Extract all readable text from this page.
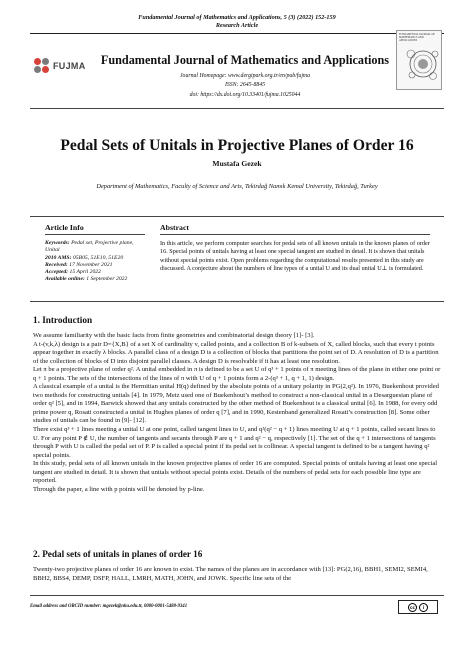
Fundamental Journal of Mathematics and Applications, 5 (3) (2022) 152-159
Research Article
FUJMA Fundamental Journal of Mathematics and Applications
Journal Homepage: www.dergipark.org.tr/en/pub/fujma
ISSN: 2645-8845
doi: https://dx.doi.org/10.33401/fujma.1025044
FUNDAMENTAL JOURNAL OF MATHEMATICS AND APPLICATIONS
Pedal Sets of Unitals in Projective Planes of Order 16
Mustafa Gezek
Department of Mathematics, Faculty of Science and Arts, Tekirdağ Namık Kemal University, Tekirdağ, Turkey
Article Info	Abstract
Keywords: Pedal set, Projective plane, Unital
2010 AMS: 05B05, 51E10, 51E20
Received: 17 November 2021
Accepted: 15 April 2022
Available online: 1 September 2022
In this article, we perform computer searches for pedal sets of all known unitals in the known planes of order 16. Special points of unitals having at least one special tangent are studied in detail. It is shown that unitals without special points exist. Open problems regarding the computational results presented in this study are discussed. A conjecture about the numbers of line types of a unital U and its dual unital U⊥ is formulated.
1. Introduction

We assume familiarity with the basic facts from finite geometries and combinatorial design theory [1]- [3].

A t-(v,k,λ) design is a pair D={X,B} of a set X of cardinality v, called points, and a collection B of k-subsets of X, called blocks, such that every t points appear together in exactly λ blocks. A parallel class of a design D is a collection of blocks that partitions the point set of D. A resolution of D is a partition of the collection of blocks of D into disjoint parallel classes. A design D is resolvable if it has at least one resolution.

Let π be a projective plane of order q². A unital embedded in π is defined to be a set U of q³ + 1 points of π meeting lines of the plane in either one point or q + 1 points. The sets of the intersections of the lines of π with U of q + 1 points form a 2-(q³ + 1, q + 1, 1) design.

A classical example of a unital is the Hermitian unital H(q) defined by the absolute points of a unitary polarity in PG(2,q²). In 1976, Buekenhout provided two methods for constructing unitals [4]. In 1979, Metz used one of Buekenhout’s method to construct a non-classical unital in a Desarguesian plane of order q² [5], and in 1994, Barwick showed that any unitals constructed by the other method of Buekenhout is a classical unital [6]. In 1988, for every odd prime power q, Rosati constructed a unital in Hughes planes of order q [7], and in 1990, Kestenband generalized Rosati’s construction [8]. Some other studies of unitals can be found in [9]- [12].

There exist q³ + 1 lines meeting a unital U at one point, called tangent lines to U, and q²(q² − q + 1) lines meeting U at q + 1 points, called secant lines to U. For any point P ∉ U, the number of tangents and secants through P are q + 1 and q² − q, respectively [1]. The set of the q + 1 intersections of tangents through P with U is called the pedal set of P. P is called a special point if its pedal set is collinear. A special tangent is defined to be a tangent having q² special points.

In this study, pedal sets of all known unitals in the known projective planes of order 16 are computed. Special points of unitals having at least one special tangent are studied in detail. It is shown that unitals without special points exist. Details of the numbers of pedal sets for each possible line type are reported.

Through the paper, a line with p points will be denoted by p-line.

2. Pedal sets of unitals in planes of order 16
Twenty-two projective planes of order 16 are known to exist. The names of the planes are in accordance with [13]: PG(2,16), BBH1, SEMI2, SEMI4, BBH2, BBS4, DEMP, DSFP, HALL, LMRH, MATH, JOHN, and JOWK. Specific line sets of the
Email address and ORCID number: mgezek@nku.edu.tr, 0000-0001-5488-9341	cc	i
